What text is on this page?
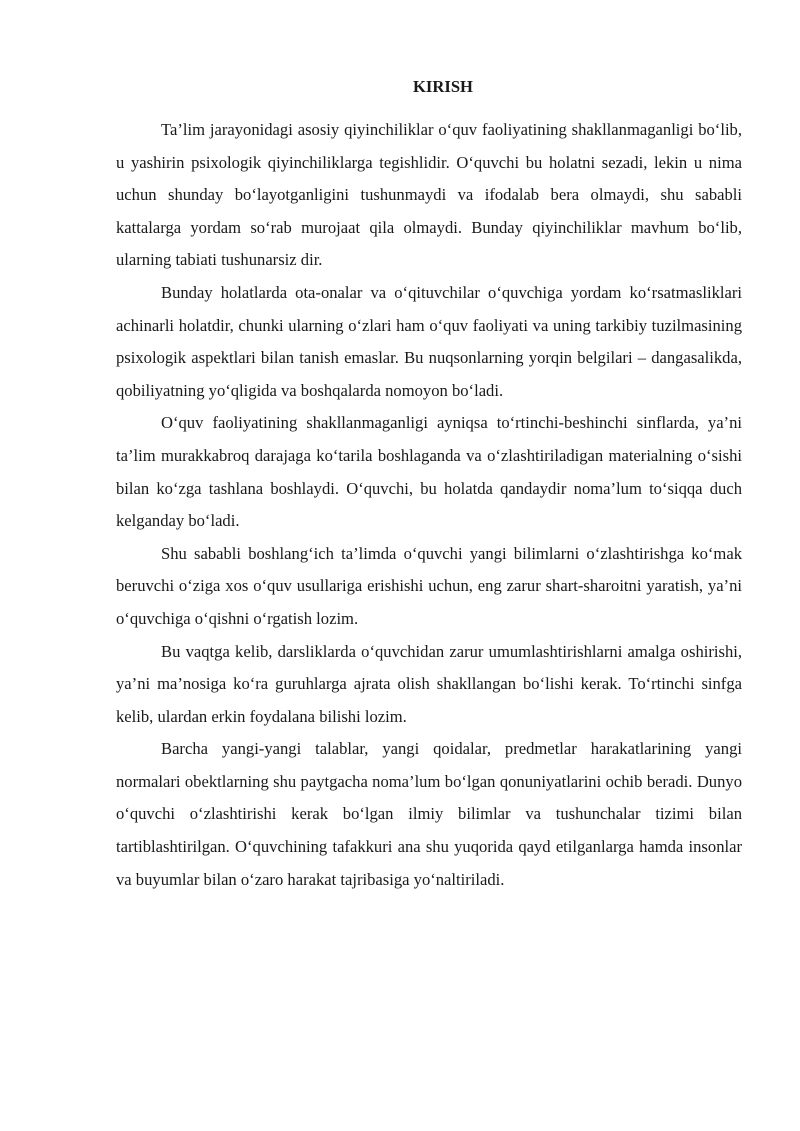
KIRISH

Ta’lim jarayonidagi asosiy qiyinchiliklar o‘quv faoliyatining shakllanmaganligi bo‘lib, u yashirin psixologik qiyinchiliklarga tegishlidir. O‘quvchi bu holatni sezadi, lekin u nima uchun shunday bo‘layotganligini tushunmaydi va ifodalab bera olmaydi, shu sababli kattalarga yordam so‘rab murojaat qila olmaydi. Bunday qiyinchiliklar mavhum bo‘lib, ularning tabiati tushunarsiz dir.

Bunday holatlarda ota-onalar va o‘qituvchilar o‘quvchiga yordam ko‘rsatmasliklari achinarli holatdir, chunki ularning o‘zlari ham o‘quv faoliyati va uning tarkibiy tuzilmasining psixologik aspektlari bilan tanish emaslar. Bu nuqsonlarning yorqin belgilari – dangasalikda, qobiliyatning yo‘qligida va boshqalarda nomoyon bo‘ladi.

O‘quv faoliyatining shakllanmaganligi ayniqsa to‘rtinchi-beshinchi sinflarda, ya’ni ta’lim murakkabroq darajaga ko‘tarila boshlaganda va o‘zlashtiriladigan materialning o‘sishi bilan ko‘zga tashlana boshlaydi. O‘quvchi, bu holatda qandaydir noma’lum to‘siqqa duch kelganday bo‘ladi.

Shu sababli boshlang‘ich ta’limda o‘quvchi yangi bilimlarni o‘zlashtirishga ko‘mak beruvchi o‘ziga xos o‘quv usullariga erishishi uchun, eng zarur shart-sharoitni yaratish, ya’ni o‘quvchiga o‘qishni o‘rgatish lozim.

Bu vaqtga kelib, darsliklarda o‘quvchidan zarur umumlashtirishlarni amalga oshirishi, ya’ni ma’nosiga ko‘ra guruhlarga ajrata olish shakllangan bo‘lishi kerak. To‘rtinchi sinfga kelib, ulardan erkin foydalana bilishi lozim.

Barcha yangi-yangi talablar, yangi qoidalar, predmetlar harakatlarining yangi normalari obektlarning shu paytgacha noma’lum bo‘lgan qonuniyatlarini ochib beradi. Dunyo o‘quvchi o‘zlashtirishi kerak bo‘lgan ilmiy bilimlar va tushunchalar tizimi bilan tartiblashtirilgan. O‘quvchining tafakkuri ana shu yuqorida qayd etilganlarga hamda insonlar va buyumlar bilan o‘zaro harakat tajribasiga yo‘naltiriladi.
